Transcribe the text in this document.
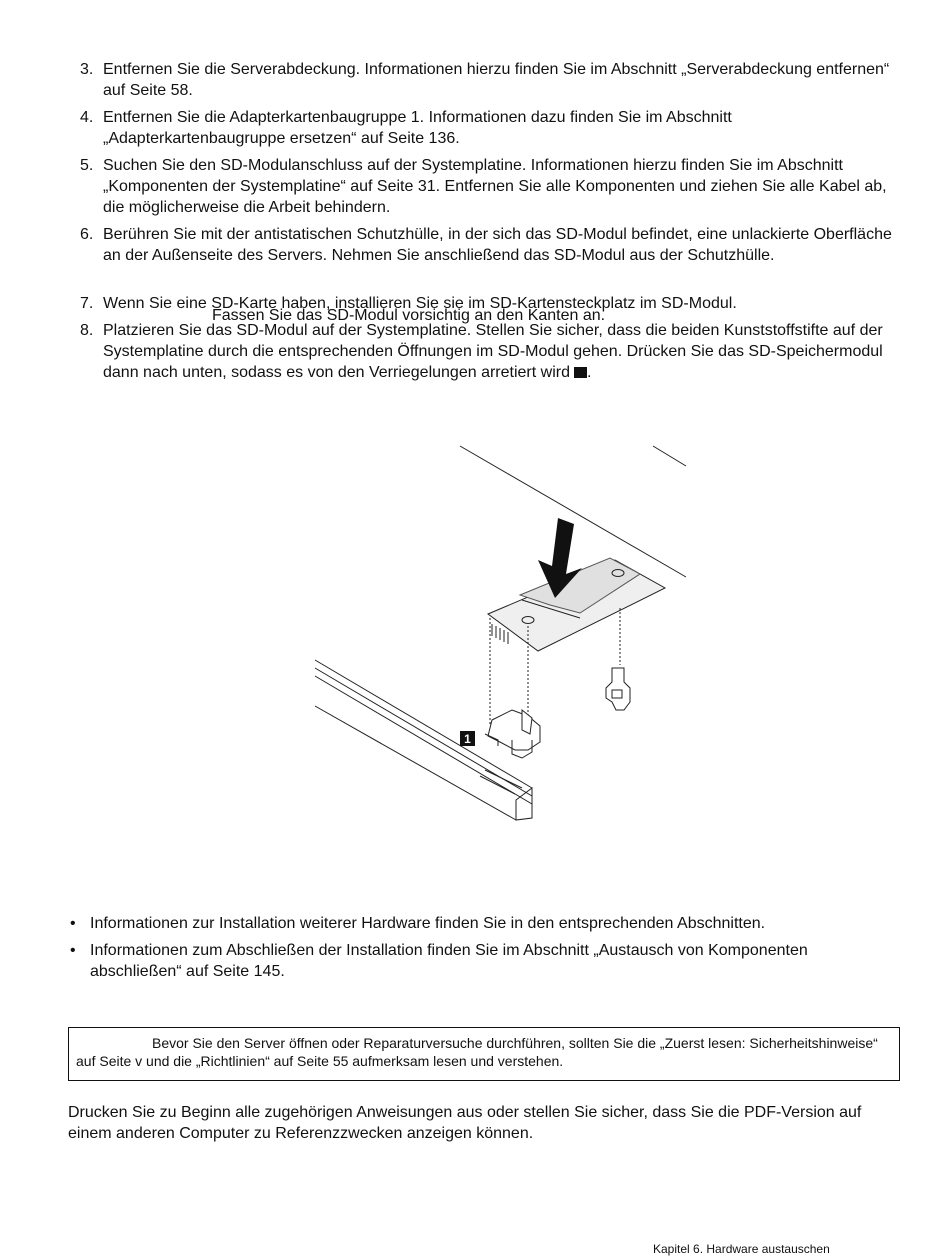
3. Entfernen Sie die Serverabdeckung. Informationen hierzu finden Sie im Abschnitt „Serverabdeckung entfernen“ auf Seite 58.
4. Entfernen Sie die Adapterkartenbaugruppe 1. Informationen dazu finden Sie im Abschnitt „Adapterkartenbaugruppe ersetzen“ auf Seite 136.
5. Suchen Sie den SD-Modulanschluss auf der Systemplatine. Informationen hierzu finden Sie im Abschnitt „Komponenten der Systemplatine“ auf Seite 31. Entfernen Sie alle Komponenten und ziehen Sie alle Kabel ab, die möglicherweise die Arbeit behindern.
6. Berühren Sie mit der antistatischen Schutzhülle, in der sich das SD-Modul befindet, eine unlackierte Oberfläche an der Außenseite des Servers. Nehmen Sie anschließend das SD-Modul aus der Schutzhülle.
7. Wenn Sie eine SD-Karte haben, installieren Sie sie im SD-Kartensteckplatz im SD-Modul.
8. Platzieren Sie das SD-Modul auf der Systemplatine. Stellen Sie sicher, dass die beiden Kunststoffstifte auf der Systemplatine durch die entsprechenden Öffnungen im SD-Modul gehen. Drücken Sie das SD-Speichermodul dann nach unten, sodass es von den Verriegelungen arretiert wird .
Fassen Sie das SD-Modul vorsichtig an den Kanten an.
1
• Informationen zur Installation weiterer Hardware finden Sie in den entsprechenden Abschnitten.
• Informationen zum Abschließen der Installation finden Sie im Abschnitt „Austausch von Komponenten abschließen“ auf Seite 145.
Bevor Sie den Server öffnen oder Reparaturversuche durchführen, sollten Sie die „Zuerst lesen: Sicherheitshinweise“ auf Seite v und die „Richtlinien“ auf Seite 55 aufmerksam lesen und verstehen.
Drucken Sie zu Beginn alle zugehörigen Anweisungen aus oder stellen Sie sicher, dass Sie die PDF-Version auf einem anderen Computer zu Referenzzwecken anzeigen können.
Kapitel 6. Hardware austauschen
